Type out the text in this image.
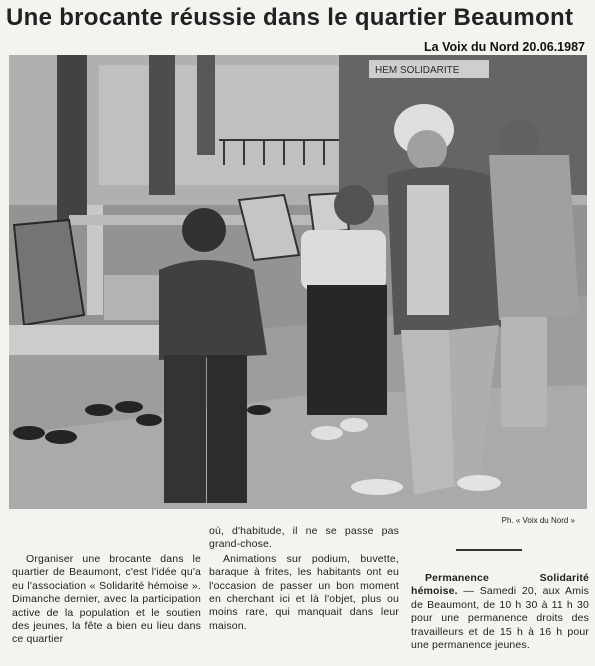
Une brocante réussie dans le quartier Beaumont
La Voix du Nord 20.06.1987
HEM SOLIDARITE
Ph. « Voix du Nord »

Organiser une brocante dans le quartier de Beaumont, c'est l'idée qu'a eu l'association « Solidarité hémoise ». Dimanche dernier, avec la participation active de la population et le soutien des jeunes, la fête a bien eu lieu dans ce quartier

où, d'habitude, il ne se passe pas grand-chose.

Animations sur podium, buvette, baraque à frites, les habitants ont eu l'occasion de passer un bon moment en cherchant ici et là l'objet, plus ou moins rare, qui manquait dans leur maison.

Permanence Solidarité hémoise. — Samedi 20, aux Amis de Beaumont, de 10 h 30 à 11 h 30 pour une permanence droits des travailleurs et de 15 h à 16 h pour une permanence jeunes.
